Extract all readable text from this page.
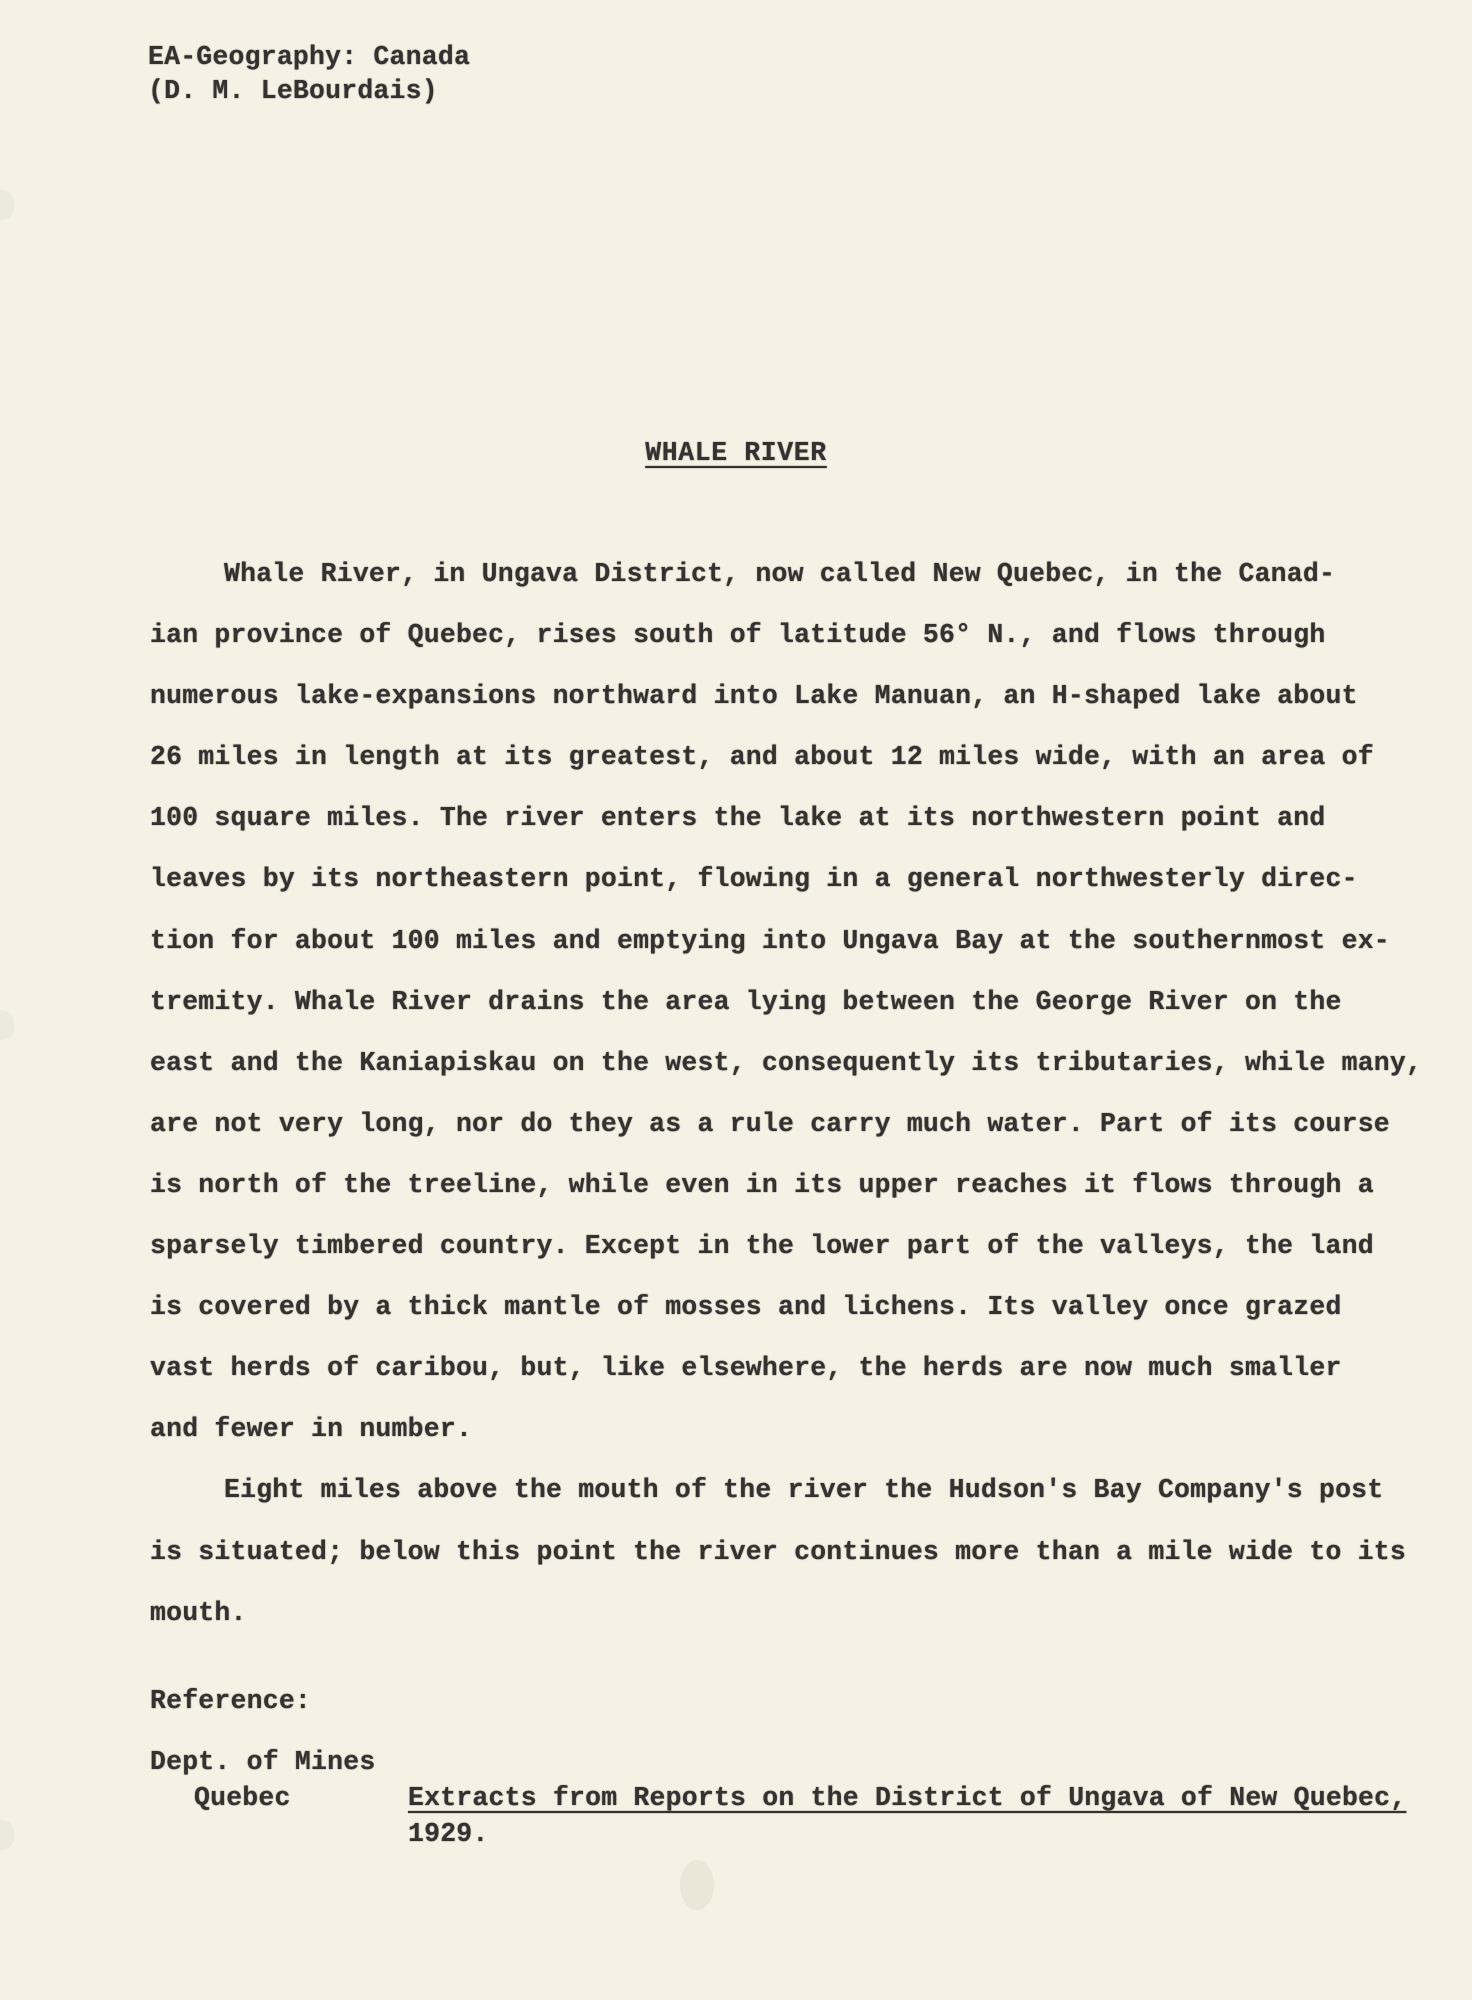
EA-Geography: Canada

(D. M. LeBourdais)

WHALE RIVER

Whale River, in Ungava District, now called New Quebec, in the Canad-
ian province of Quebec, rises south of latitude 56° N., and flows through
numerous lake-expansions northward into Lake Manuan, an H-shaped lake about
26 miles in length at its greatest, and about 12 miles wide, with an area of
100 square miles. The river enters the lake at its northwestern point and
leaves by its northeastern point, flowing in a general northwesterly direc-
tion for about 100 miles and emptying into Ungava Bay at the southernmost ex-
tremity. Whale River drains the area lying between the George River on the
east and the Kaniapiskau on the west, consequently its tributaries, while many,
are not very long, nor do they as a rule carry much water. Part of its course
is north of the treeline, while even in its upper reaches it flows through a
sparsely timbered country. Except in the lower part of the valleys, the land
is covered by a thick mantle of mosses and lichens. Its valley once grazed
vast herds of caribou, but, like elsewhere, the herds are now much smaller
and fewer in number.
Eight miles above the mouth of the river the Hudson's Bay Company's post
is situated; below this point the river continues more than a mile wide to its
mouth.

Reference:

Dept. of Mines
Quebec	Extracts from Reports on the District of Ungava of New Quebec,
1929.
